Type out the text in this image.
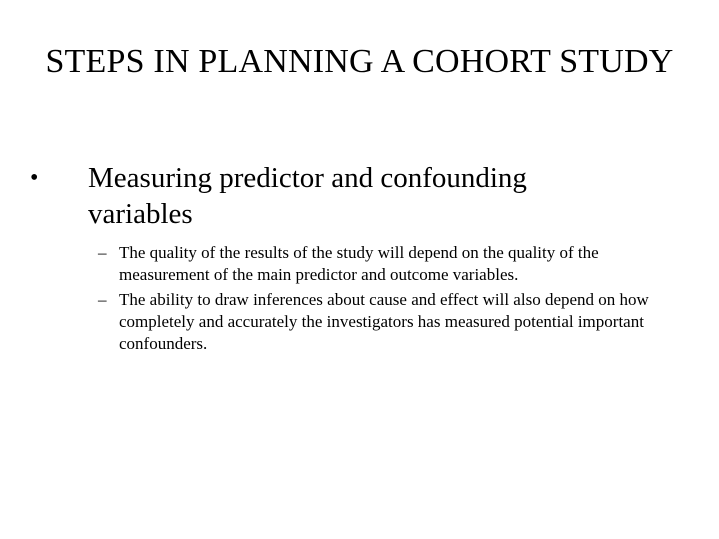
STEPS IN PLANNING A COHORT STUDY
• Measuring predictor and confounding variables
– The quality of the results of the study will depend on the quality of the measurement of the main predictor and outcome variables.
– The ability to draw inferences about cause and effect will also depend on how completely and accurately the investigators has measured potential important confounders.
